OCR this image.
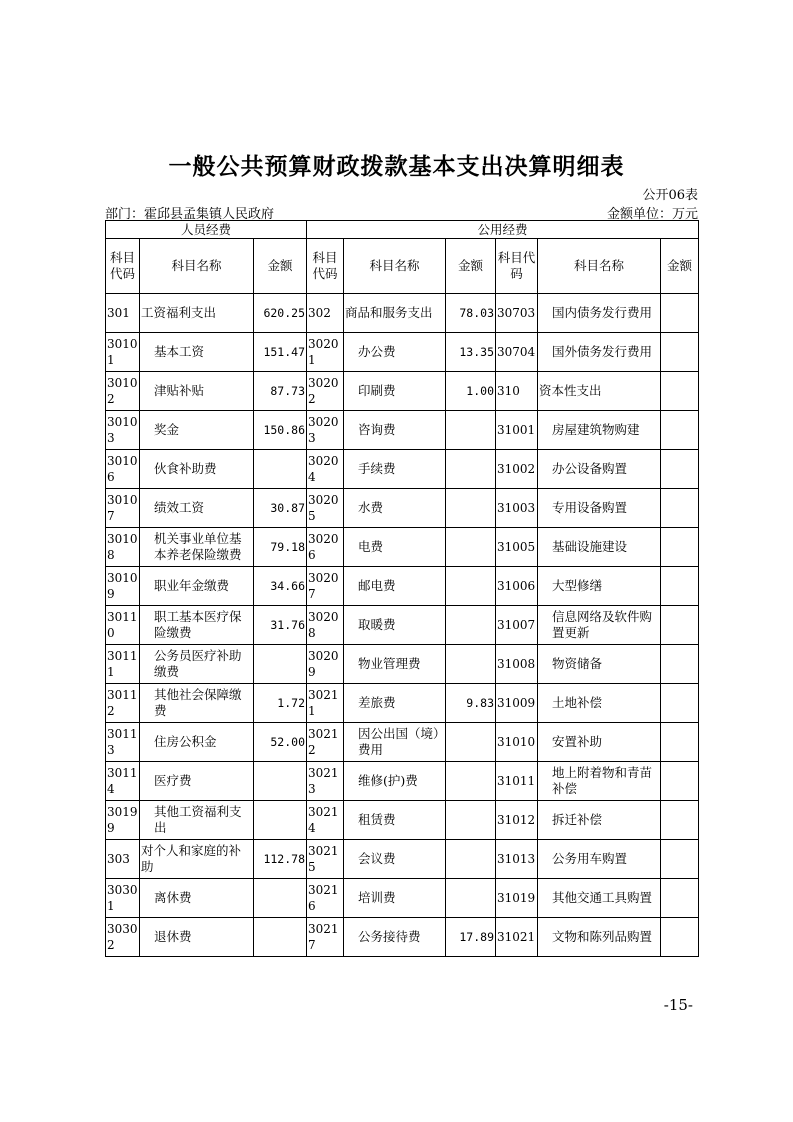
一般公共预算财政拨款基本支出决算明细表
公开06表
部门：霍邱县孟集镇人民政府	金额单位：万元
人员经费			公用经费					
科目代码	科目名称	金额	科目代码	科目名称	金额	科目代码	科目名称	金额
301	工资福利支出	620.25	302	商品和服务支出	78.03	30703	国内债务发行费用	
30101	基本工资	151.47	30201	办公费	13.35	30704	国外债务发行费用	
30102	津贴补贴	87.73	30202	印刷费	1.00	310	资本性支出	
30103	奖金	150.86	30203	咨询费		31001	房屋建筑物购建	
30106	伙食补助费		30204	手续费		31002	办公设备购置	
30107	绩效工资	30.87	30205	水费		31003	专用设备购置	
30108	机关事业单位基本养老保险缴费	79.18	30206	电费		31005	基础设施建设	
30109	职业年金缴费	34.66	30207	邮电费		31006	大型修缮	
30110	职工基本医疗保险缴费	31.76	30208	取暖费		31007	信息网络及软件购置更新	
30111	公务员医疗补助缴费		30209	物业管理费		31008	物资储备	
30112	其他社会保障缴费	1.72	30211	差旅费	9.83	31009	土地补偿	
30113	住房公积金	52.00	30212	因公出国（境）费用		31010	安置补助	
30114	医疗费		30213	维修(护)费		31011	地上附着物和青苗补偿	
30199	其他工资福利支出		30214	租赁费		31012	拆迁补偿	
303	对个人和家庭的补助	112.78	30215	会议费		31013	公务用车购置	
30301	离休费		30216	培训费		31019	其他交通工具购置	
30302	退休费		30217	公务接待费	17.89	31021	文物和陈列品购置	
-15-
